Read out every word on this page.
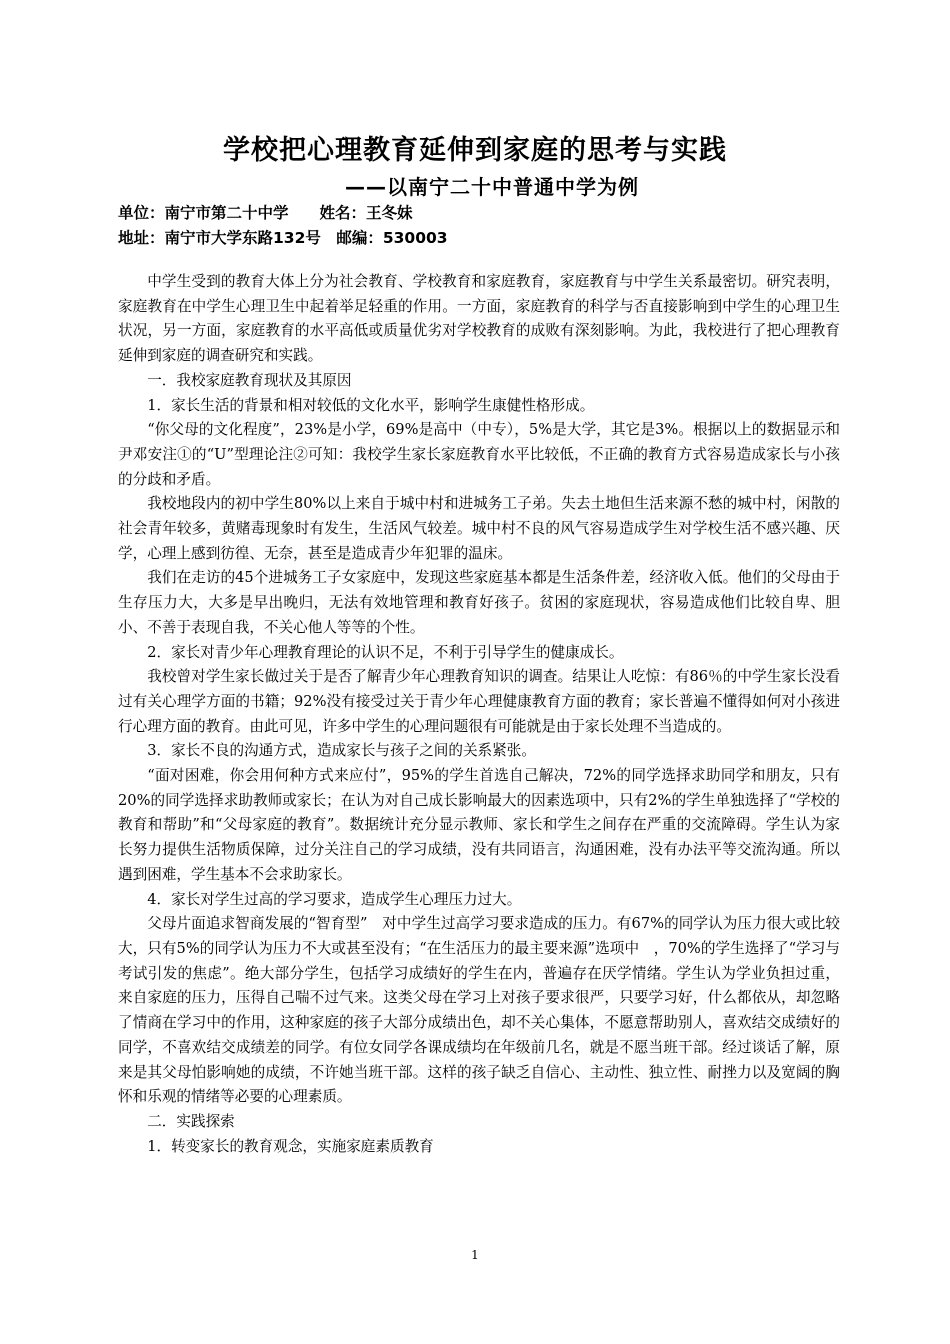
学校把心理教育延伸到家庭的思考与实践
——以南宁二十中普通中学为例
单位：南宁市第二十中学　　姓名：王冬妹
地址：南宁市大学东路132号　邮编：530003

中学生受到的教育大体上分为社会教育、学校教育和家庭教育，家庭教育与中学生关系最密切。研究表明，家庭教育在中学生心理卫生中起着举足轻重的作用。一方面，家庭教育的科学与否直接影响到中学生的心理卫生状况，另一方面，家庭教育的水平高低或质量优劣对学校教育的成败有深刻影响。为此，我校进行了把心理教育延伸到家庭的调查研究和实践。

一．我校家庭教育现状及其原因

1．家长生活的背景和相对较低的文化水平，影响学生康健性格形成。

“你父母的文化程度”，23%是小学，69%是高中（中专），5%是大学，其它是3%。根据以上的数据显示和尹邓安注①的“U”型理论注②可知：我校学生家长家庭教育水平比较低，不正确的教育方式容易造成家长与小孩的分歧和矛盾。

我校地段内的初中学生80%以上来自于城中村和进城务工子弟。失去土地但生活来源不愁的城中村，闲散的社会青年较多，黄赌毒现象时有发生，生活风气较差。城中村不良的风气容易造成学生对学校生活不感兴趣、厌学，心理上感到彷徨、无奈，甚至是造成青少年犯罪的温床。

我们在走访的45个进城务工子女家庭中，发现这些家庭基本都是生活条件差，经济收入低。他们的父母由于生存压力大，大多是早出晚归，无法有效地管理和教育好孩子。贫困的家庭现状，容易造成他们比较自卑、胆小、不善于表现自我，不关心他人等等的个性。

2．家长对青少年心理教育理论的认识不足，不利于引导学生的健康成长。

我校曾对学生家长做过关于是否了解青少年心理教育知识的调查。结果让人吃惊：有86％的中学生家长没看过有关心理学方面的书籍；92%没有接受过关于青少年心理健康教育方面的教育；家长普遍不懂得如何对小孩进行心理方面的教育。由此可见，许多中学生的心理问题很有可能就是由于家长处理不当造成的。

3．家长不良的沟通方式，造成家长与孩子之间的关系紧张。

“面对困难，你会用何种方式来应付”，95%的学生首选自己解决，72%的同学选择求助同学和朋友，只有20%的同学选择求助教师或家长；在认为对自己成长影响最大的因素选项中，只有2%的学生单独选择了“学校的教育和帮助”和“父母家庭的教育”。数据统计充分显示教师、家长和学生之间存在严重的交流障碍。学生认为家长努力提供生活物质保障，过分关注自己的学习成绩，没有共同语言，沟通困难，没有办法平等交流沟通。所以遇到困难，学生基本不会求助家长。

4．家长对学生过高的学习要求，造成学生心理压力过大。

父母片面追求智商发展的“智育型”　对中学生过高学习要求造成的压力。有67%的同学认为压力很大或比较大，只有5%的同学认为压力不大或甚至没有；“在生活压力的最主要来源”选项中　，70%的学生选择了“学习与考试引发的焦虑”。绝大部分学生，包括学习成绩好的学生在内，普遍存在厌学情绪。学生认为学业负担过重，来自家庭的压力，压得自己喘不过气来。这类父母在学习上对孩子要求很严，只要学习好，什么都依从，却忽略了情商在学习中的作用，这种家庭的孩子大部分成绩出色，却不关心集体，不愿意帮助别人，喜欢结交成绩好的同学，不喜欢结交成绩差的同学。有位女同学各课成绩均在年级前几名，就是不愿当班干部。经过谈话了解，原来是其父母怕影响她的成绩，不许她当班干部。这样的孩子缺乏自信心、主动性、独立性、耐挫力以及宽阔的胸怀和乐观的情绪等必要的心理素质。

二．实践探索

1．转变家长的教育观念，实施家庭素质教育

1
